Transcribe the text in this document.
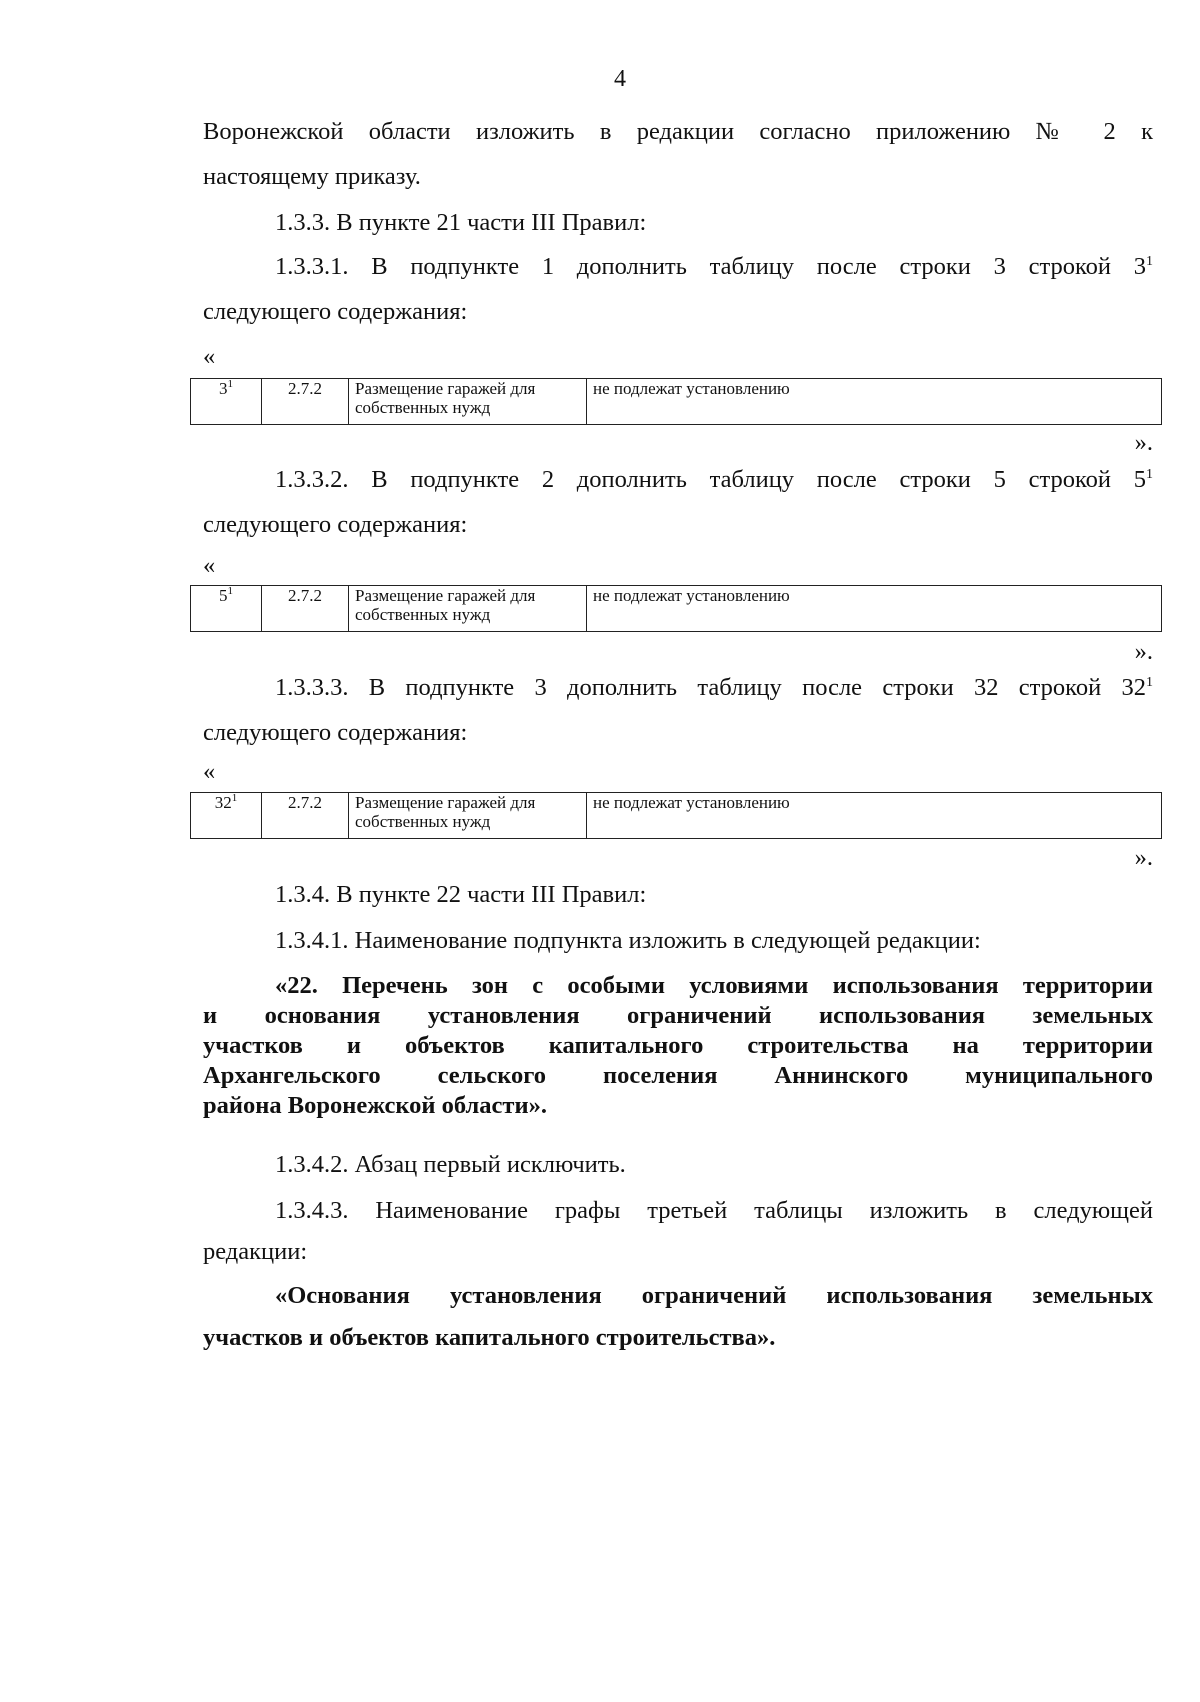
4
Воронежской области изложить в редакции согласно приложению № 2 к
настоящему приказу.
1.3.3. В пункте 21 части III Правил:
1.3.3.1. В подпункте 1 дополнить таблицу после строки 3 строкой $3^1$
следующего содержания:
«
$3^1$	2.7.2	Размещение гаражей для
собственных нужд	не подлежат установлению
».
1.3.3.2. В подпункте 2 дополнить таблицу после строки 5 строкой $5^1$
следующего содержания:
«
$5^1$	2.7.2	Размещение гаражей для
собственных нужд	не подлежат установлению
».
1.3.3.3. В подпункте 3 дополнить таблицу после строки 32 строкой $32^1$
следующего содержания:
«
$32^1$	2.7.2	Размещение гаражей для
собственных нужд	не подлежат установлению
».
1.3.4. В пункте 22 части III Правил:
1.3.4.1. Наименование подпункта изложить в следующей редакции:
«22. Перечень зон с особыми условиями использования территории
и основания установления ограничений использования земельных
участков и объектов капитального строительства на территории
Архангельского сельского поселения Аннинского муниципального
района Воронежской области».
1.3.4.2. Абзац первый исключить.
1.3.4.3. Наименование графы третьей таблицы изложить в следующей
редакции:
«Основания установления ограничений использования земельных
участков и объектов капитального строительства».
